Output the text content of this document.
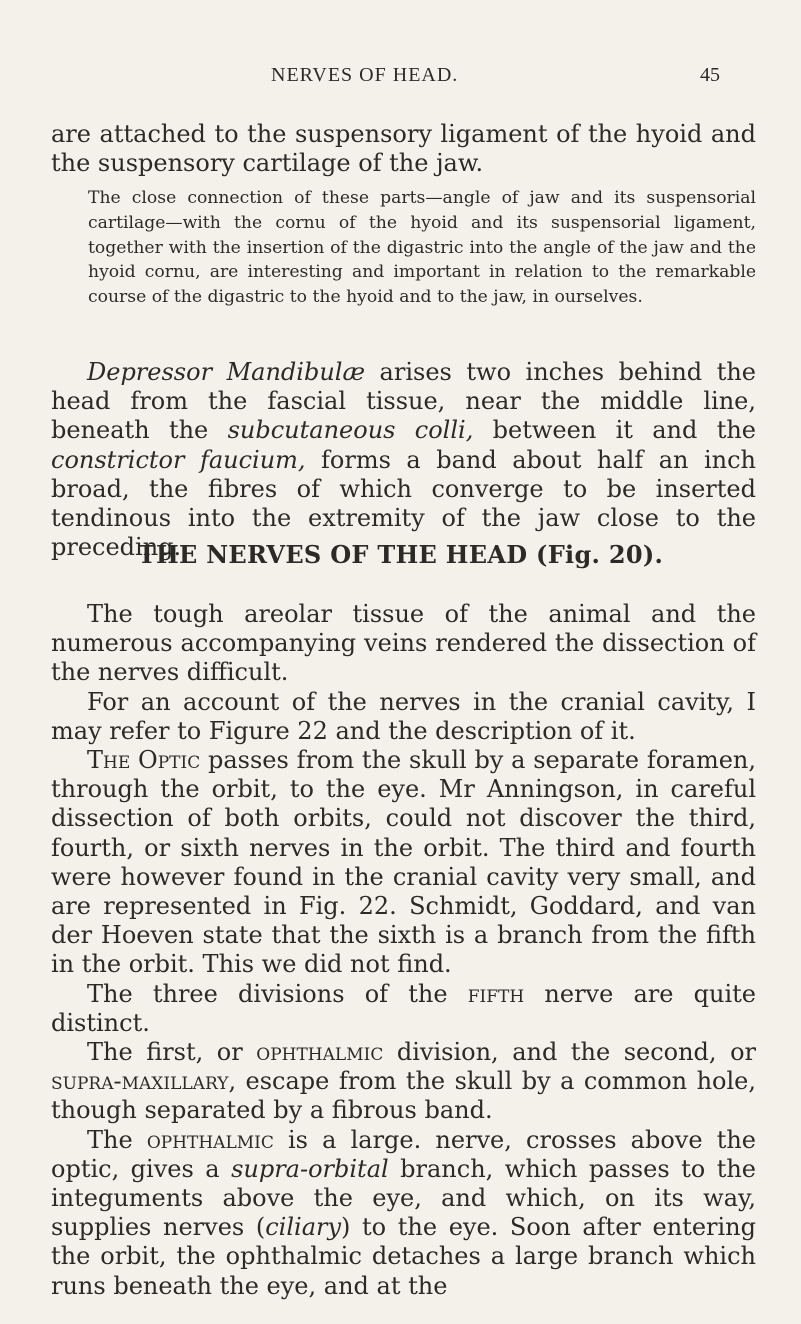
NERVES OF HEAD.	45

are attached to the suspensory ligament of the hyoid and the suspensory cartilage of the jaw.

The close connection of these parts—angle of jaw and its suspensorial cartilage—with the cornu of the hyoid and its suspensorial ligament, together with the insertion of the digastric into the angle of the jaw and the hyoid cornu, are interesting and important in relation to the remarkable course of the digastric to the hyoid and to the jaw, in ourselves.

Depressor Mandibulæ arises two inches behind the head from the fascial tissue, near the middle line, beneath the subcutaneous colli, between it and the constrictor faucium, forms a band about half an inch broad, the fibres of which converge to be inserted tendinous into the extremity of the jaw close to the preceding.

THE NERVES OF THE HEAD (Fig. 20).

The tough areolar tissue of the animal and the numerous accompanying veins rendered the dissection of the nerves difficult.

For an account of the nerves in the cranial cavity, I may refer to Figure 22 and the description of it.

The Optic passes from the skull by a separate foramen, through the orbit, to the eye. Mr Anningson, in careful dissection of both orbits, could not discover the third, fourth, or sixth nerves in the orbit. The third and fourth were however found in the cranial cavity very small, and are represented in Fig. 22. Schmidt, Goddard, and van der Hoeven state that the sixth is a branch from the fifth in the orbit. This we did not find.

The three divisions of the fifth nerve are quite distinct.

The first, or ophthalmic division, and the second, or supra-maxillary, escape from the skull by a common hole, though separated by a fibrous band.

The ophthalmic is a large. nerve, crosses above the optic, gives a supra-orbital branch, which passes to the integuments above the eye, and which, on its way, supplies nerves (ciliary) to the eye. Soon after entering the orbit, the ophthalmic detaches a large branch which runs beneath the eye, and at the
